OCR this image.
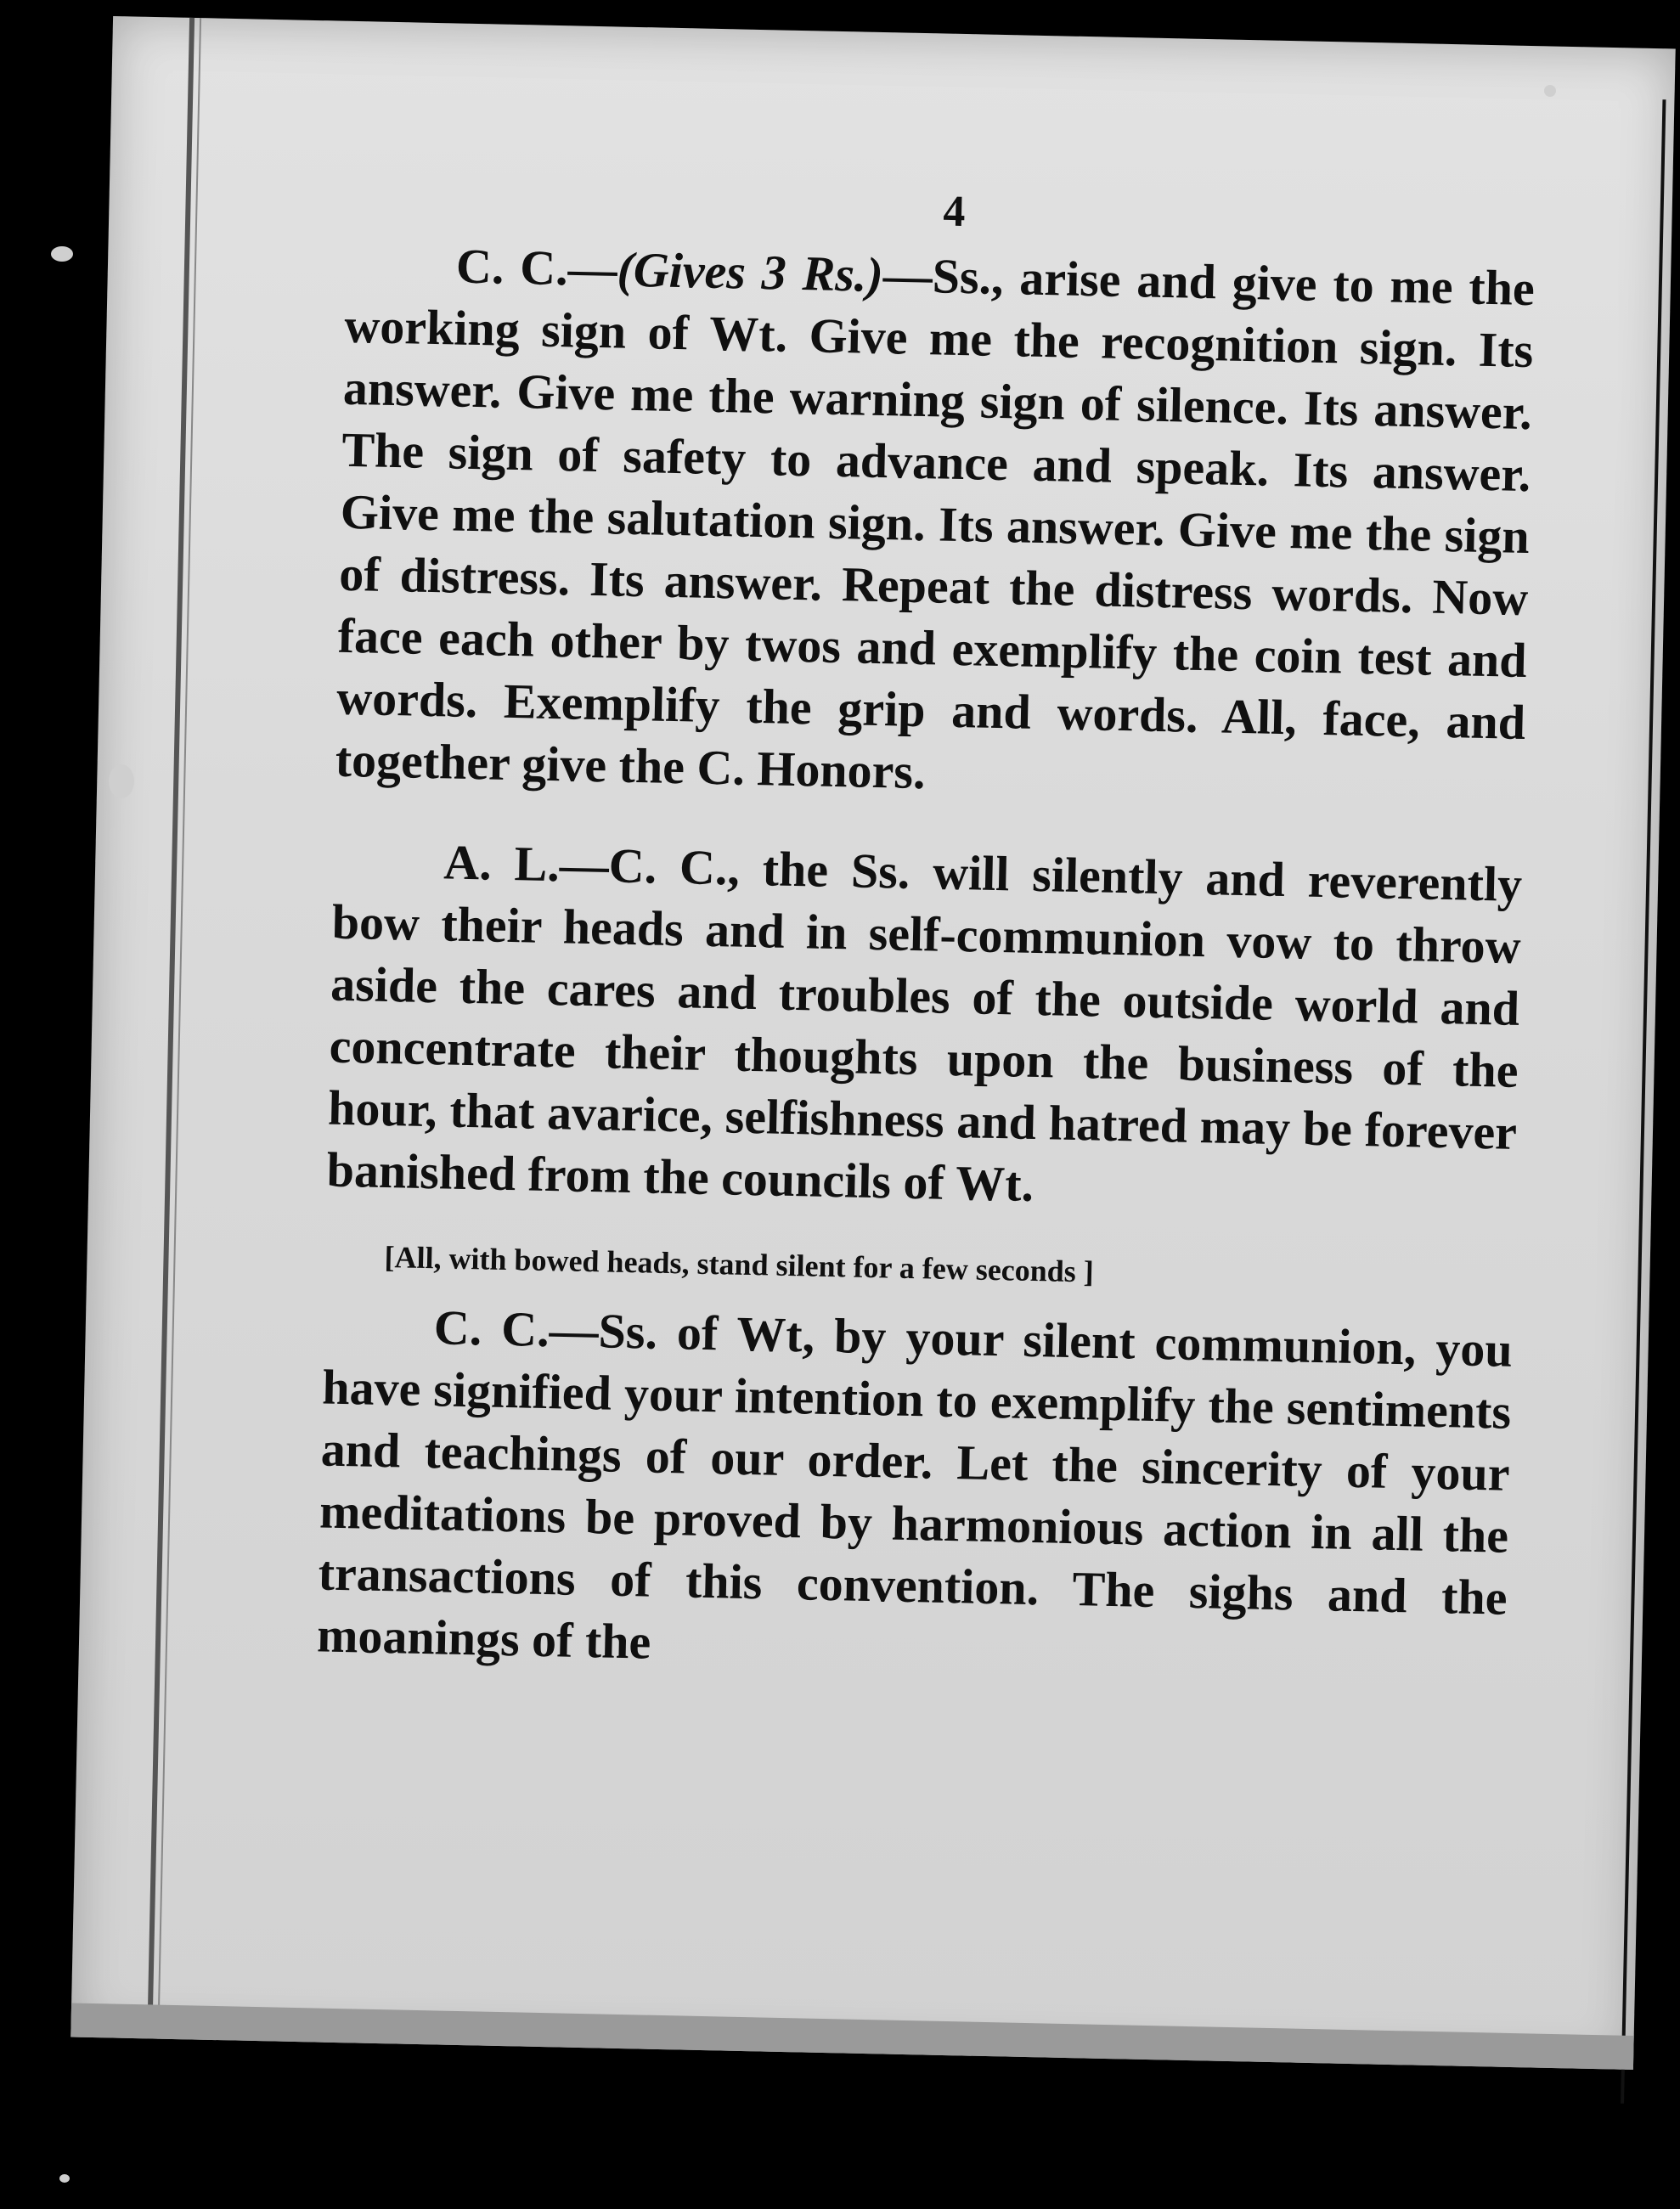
4

C. C.—(Gives 3 Rs.)—Ss., arise and give to me the working sign of Wt. Give me the recognition sign. Its answer. Give me the warning sign of silence. Its answer. The sign of safety to advance and speak. Its answer. Give me the salutation sign. Its answer. Give me the sign of distress. Its answer. Repeat the distress words. Now face each other by twos and exemplify the coin test and words. Exemplify the grip and words. All, face, and together give the C. Honors.

A. L.—C. C., the Ss. will silently and reverently bow their heads and in self-communion vow to throw aside the cares and troubles of the outside world and concentrate their thoughts upon the business of the hour, that avarice, selfishness and hatred may be forever banished from the councils of Wt.

[All, with bowed heads, stand silent for a few seconds ]

C. C.—Ss. of Wt, by your silent communion, you have signified your intention to exemplify the sentiments and teachings of our order. Let the sincerity of your meditations be proved by harmonious action in all the transactions of this convention. The sighs and the moanings of the
